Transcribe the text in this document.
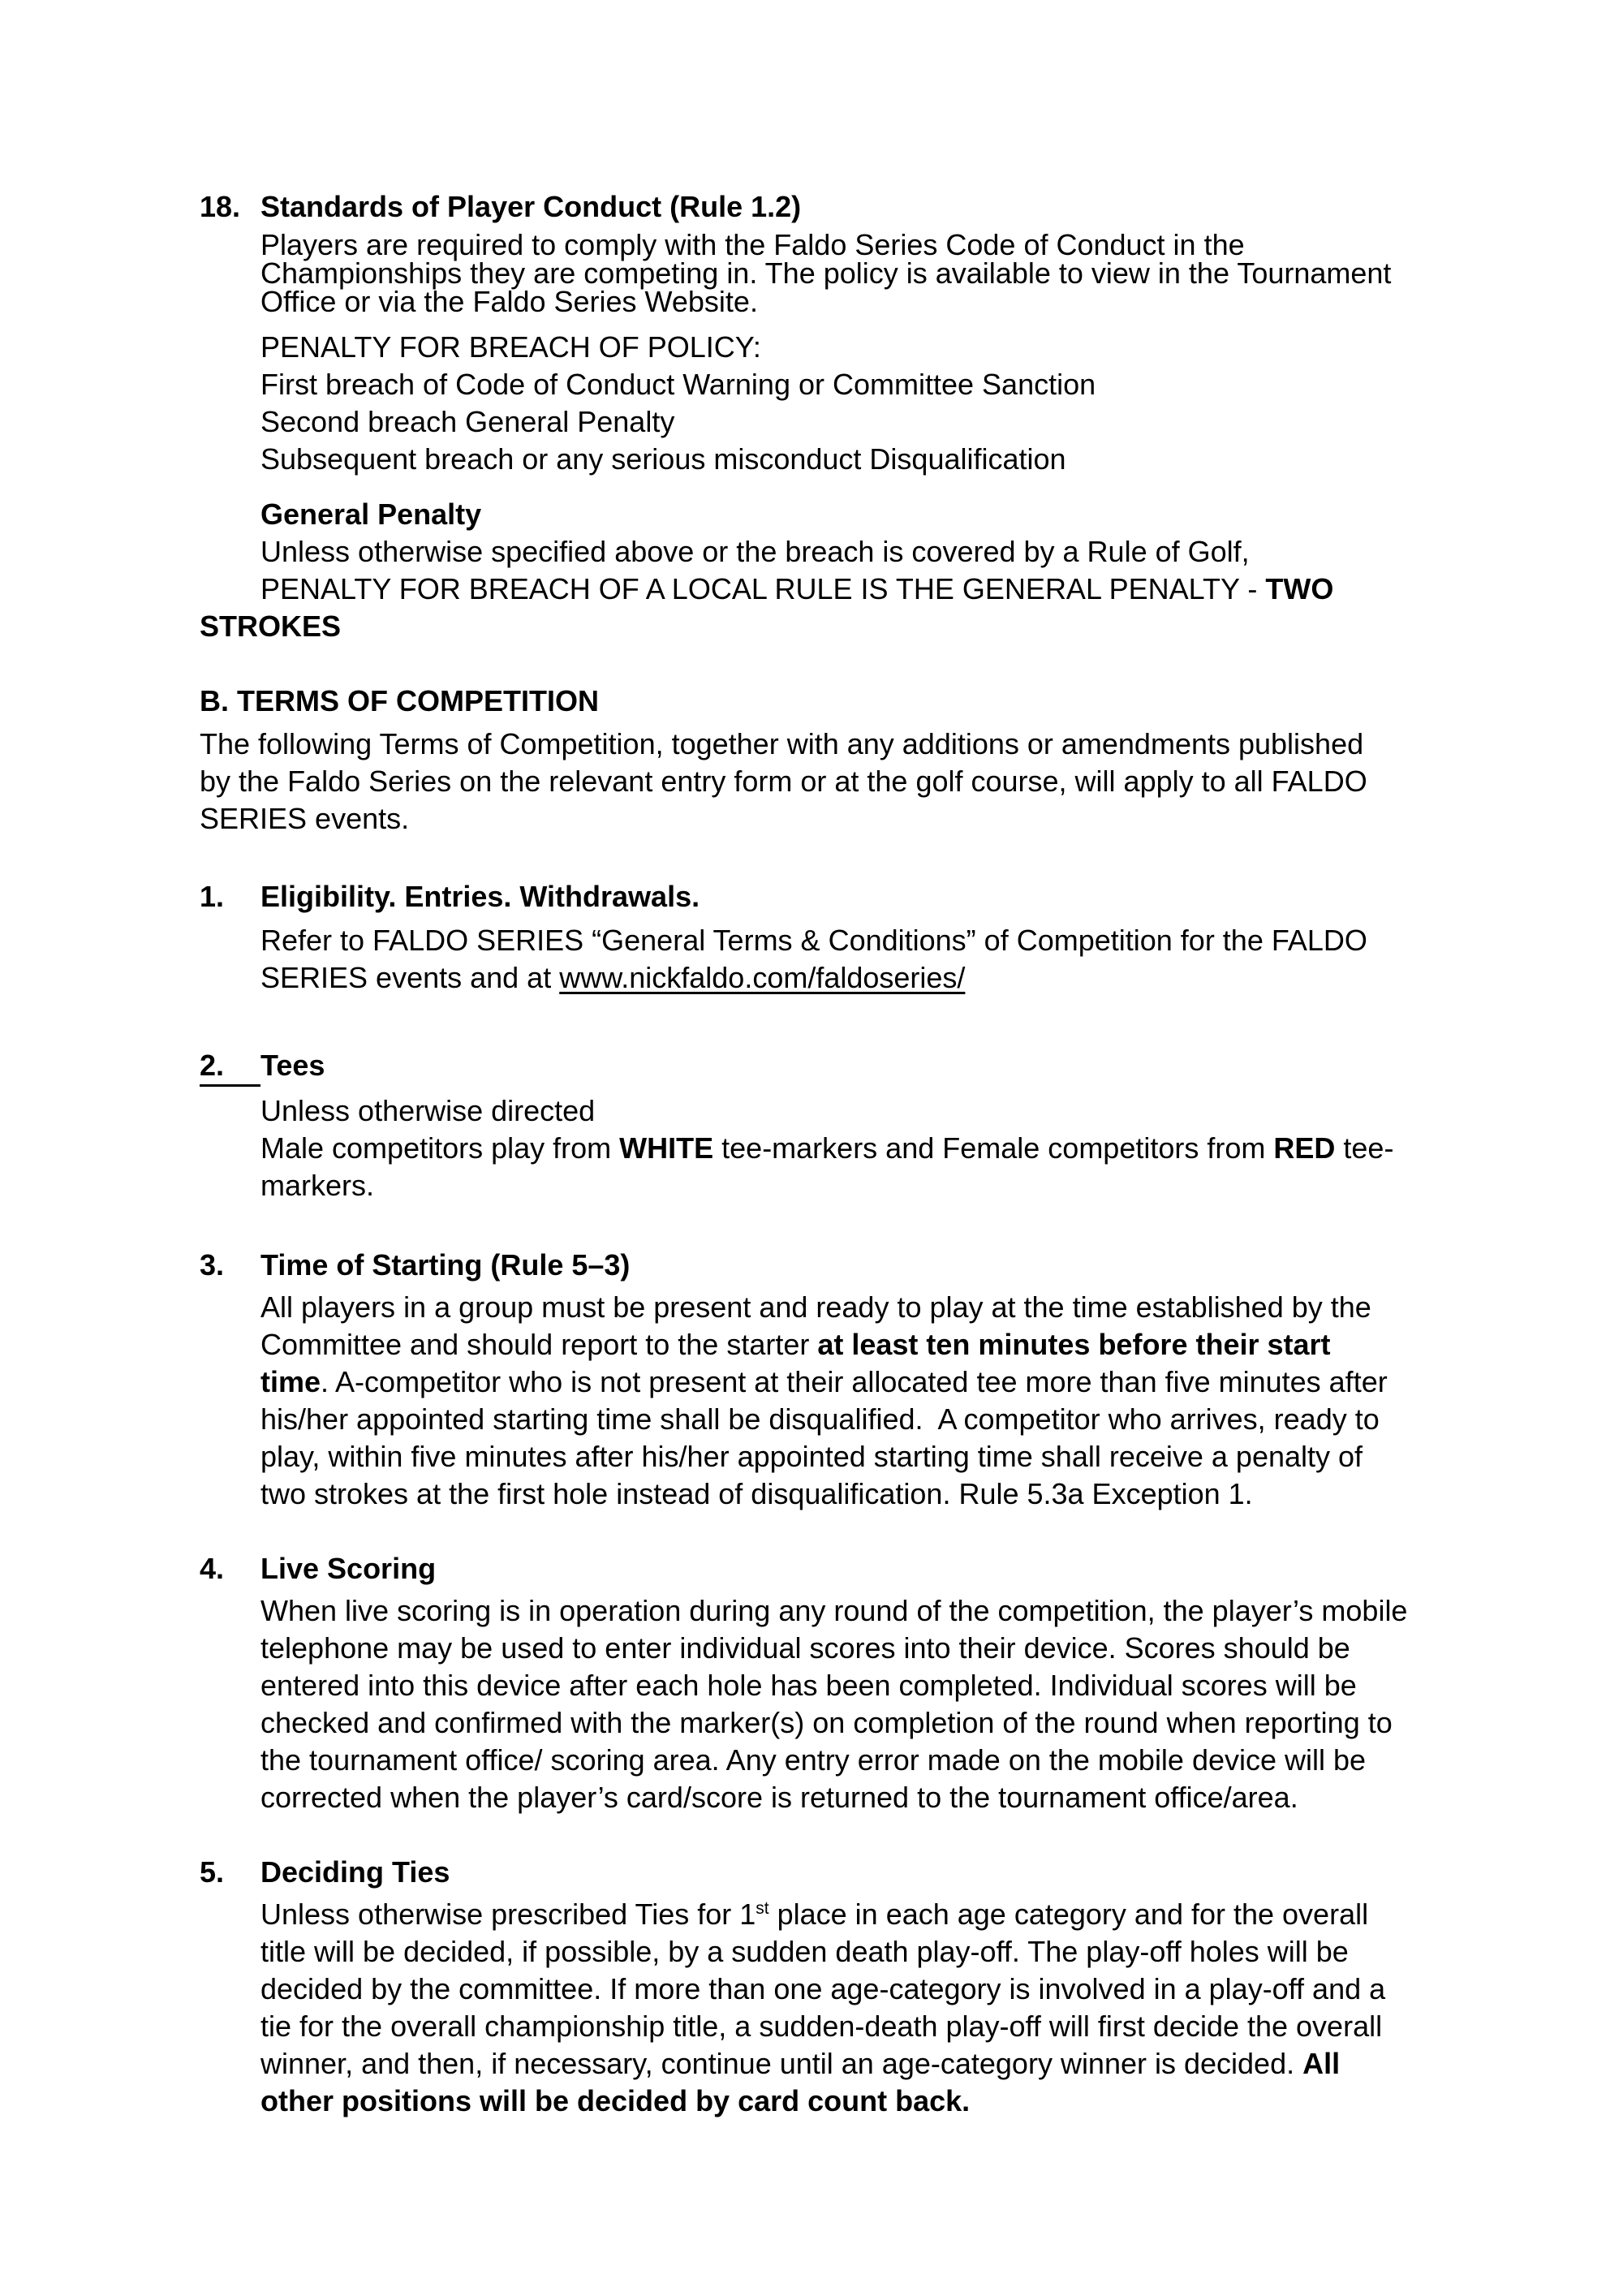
18. Standards of Player Conduct (Rule 1.2)

Players are required to comply with the Faldo Series Code of Conduct in the Championships they are competing in. The policy is available to view in the Tournament Office or via the Faldo Series Website.

PENALTY FOR BREACH OF POLICY:

First breach of Code of Conduct Warning or Committee Sanction

Second breach General Penalty

Subsequent breach or any serious misconduct Disqualification

General Penalty

Unless otherwise specified above or the breach is covered by a Rule of Golf,

PENALTY FOR BREACH OF A LOCAL RULE IS THE GENERAL PENALTY - TWO

STROKES

B. TERMS OF COMPETITION

The following Terms of Competition, together with any additions or amendments published by the Faldo Series on the relevant entry form or at the golf course, will apply to all FALDO SERIES events.

1.	Eligibility. Entries. Withdrawals.

Refer to FALDO SERIES “General Terms & Conditions” of Competition for the FALDO SERIES events and at www.nickfaldo.com/faldoseries/

2.	Tees

Unless otherwise directed

Male competitors play from WHITE tee-markers and Female competitors from RED tee-markers.

3.	Time of Starting (Rule 5–3)

All players in a group must be present and ready to play at the time established by the Committee and should report to the starter at least ten minutes before their start time. A-competitor who is not present at their allocated tee more than five minutes after his/her appointed starting time shall be disqualified.  A competitor who arrives, ready to play, within five minutes after his/her appointed starting time shall receive a penalty of two strokes at the first hole instead of disqualification. Rule 5.3a Exception 1.

4.	Live Scoring

When live scoring is in operation during any round of the competition, the player’s mobile telephone may be used to enter individual scores into their device. Scores should be entered into this device after each hole has been completed. Individual scores will be checked and confirmed with the marker(s) on completion of the round when reporting to the tournament office/ scoring area. Any entry error made on the mobile device will be corrected when the player’s card/score is returned to the tournament office/area.

5.	Deciding Ties

Unless otherwise prescribed Ties for 1st place in each age category and for the overall title will be decided, if possible, by a sudden death play-off. The play-off holes will be decided by the committee. If more than one age-category is involved in a play-off and a tie for the overall championship title, a sudden-death play-off will first decide the overall winner, and then, if necessary, continue until an age-category winner is decided. All other positions will be decided by card count back.
